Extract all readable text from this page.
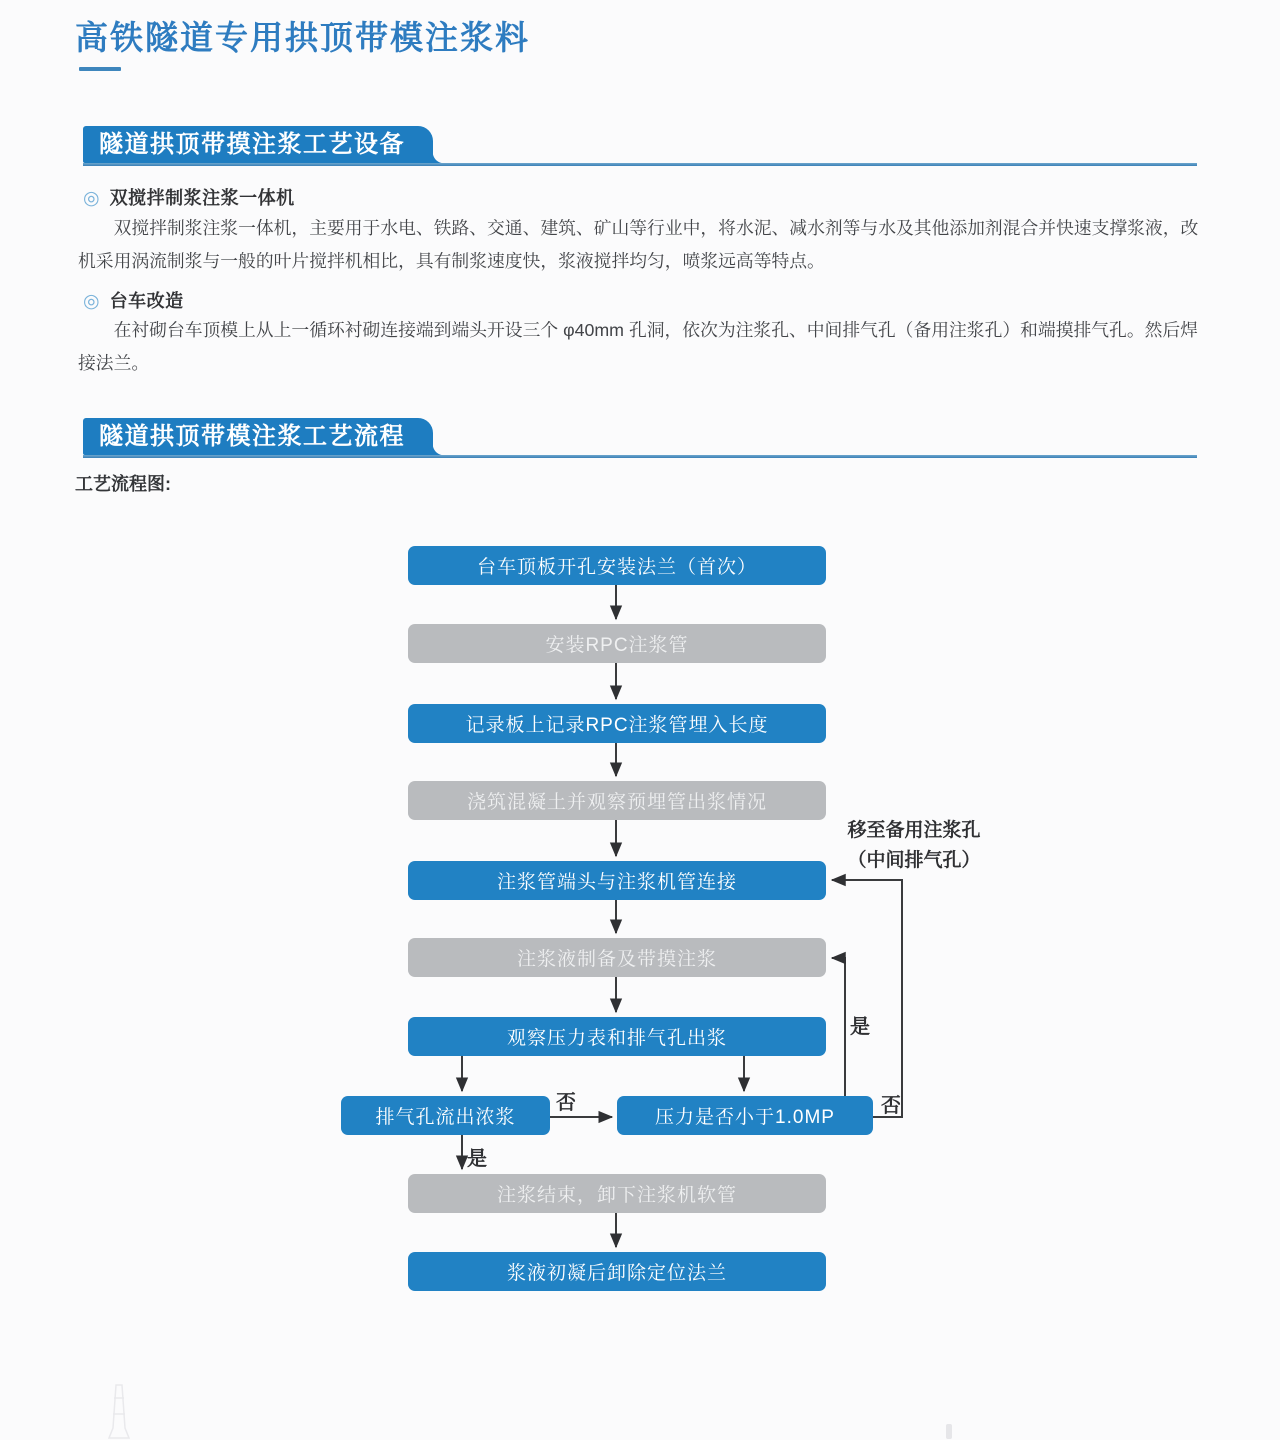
高铁隧道专用拱顶带模注浆料
隧道拱顶带摸注浆工艺设备
◎ 双搅拌制浆注浆一体机
双搅拌制浆注浆一体机，主要用于水电、铁路、交通、建筑、矿山等行业中，将水泥、减水剂等与水及其他添加剂混合并快速支撑浆液，改机采用涡流制浆与一般的叶片搅拌机相比，具有制浆速度快，浆液搅拌均匀，喷浆远高等特点。
◎ 台车改造
在衬砌台车顶模上从上一循环衬砌连接端到端头开设三个 φ40mm 孔洞，依次为注浆孔、中间排气孔（备用注浆孔）和端摸排气孔。然后焊接法兰。
隧道拱顶带模注浆工艺流程
工艺流程图:
台车顶板开孔安装法兰（首次）
安装RPC注浆管
记录板上记录RPC注浆管埋入长度
浇筑混凝土并观察预埋管出浆情况
注浆管端头与注浆机管连接
注浆液制备及带摸注浆
观察压力表和排气孔出浆
排气孔流出浓浆	压力是否小于1.0MP
注浆结束，卸下注浆机软管
浆液初凝后卸除定位法兰
否
是
是
否
移至备用注浆孔
（中间排气孔）
